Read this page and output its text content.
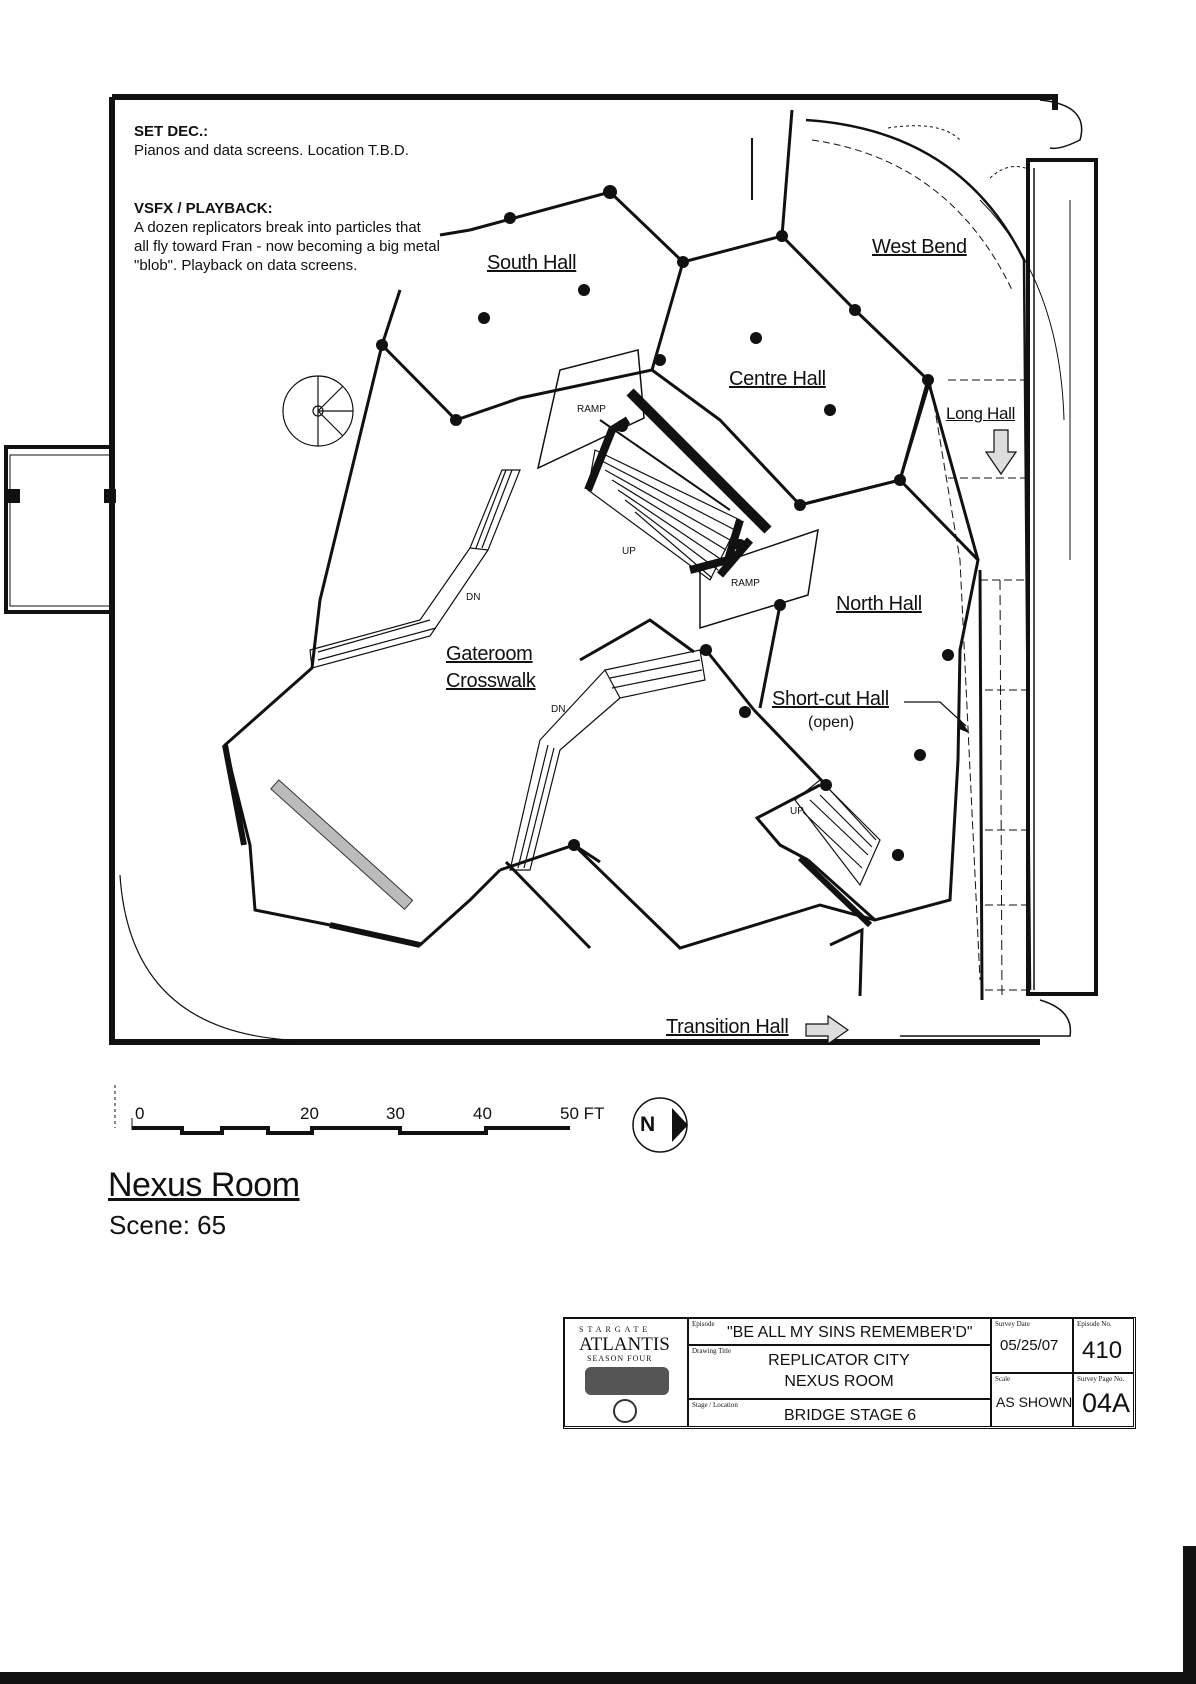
SET DEC.:
Pianos and data screens. Location T.B.D.
VSFX / PLAYBACK:
A dozen replicators break into particles that
all fly toward Fran - now becoming a big metal
"blob". Playback on data screens.	South Hall
West Bend
Centre Hall
Long Hall
North Hall
Gateroom
Crosswalk
Short-cut Hall
(open)
Transition Hall
RAMP
RAMP
UP
UP
DN
DN
0	20	30	40	50 FT N
Nexus Room
Scene: 65
STARGATE
ATLANTIS
SEASON FOUR
Episode "BE ALL MY SINS REMEMBER'D"
Drawing Title
REPLICATOR CITY
NEXUS ROOM
Stage / Location
BRIDGE STAGE 6
Survey Date
05/25/07
Episode No.
410
Scale
AS SHOWN
Survey Page No.
04A
